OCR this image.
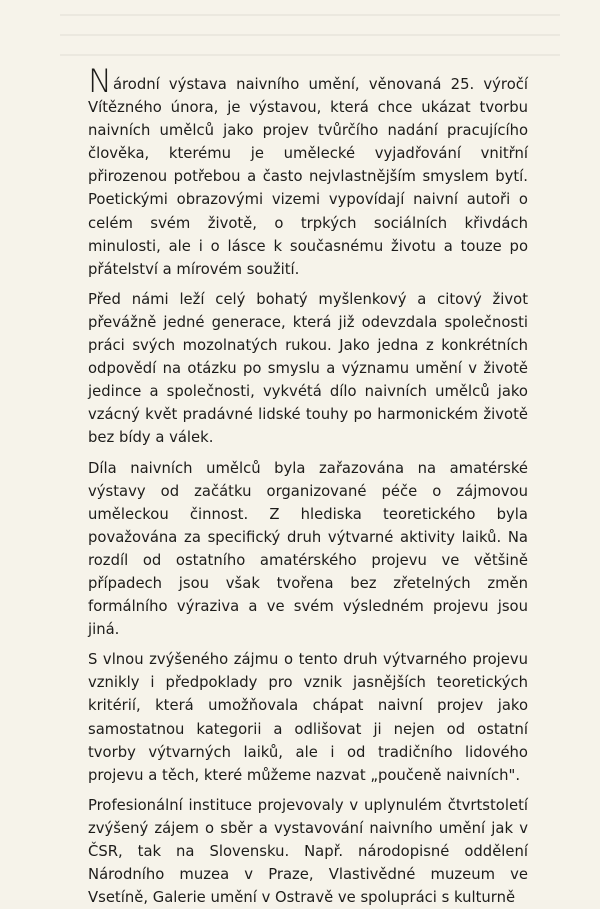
Národní výstava naivního umění, věnovaná 25. výročí Vítězného února, je výstavou, která chce ukázat tvorbu naivních umělců jako projev tvůrčího nadání pracujícího člověka, kterému je umělecké vyjadřování vnitřní přirozenou potřebou a často nejvlastnějším smyslem bytí. Poetickými obrazovými vizemi vypovídají naivní autoři o celém svém životě, o trpkých sociálních křivdách minulosti, ale i o lásce k současnému životu a touze po přátelství a mírovém soužití.

Před námi leží celý bohatý myšlenkový a citový život převážně jedné generace, která již odevzdala společnosti práci svých mozolnatých rukou. Jako jedna z konkrétních odpovědí na otázku po smyslu a významu umění v životě jedince a společnosti, vykvétá dílo naivních umělců jako vzácný květ pradávné lidské touhy po harmonickém životě bez bídy a válek.

Díla naivních umělců byla zařazována na amatérské výstavy od začátku organizované péče o zájmovou uměleckou činnost. Z hlediska teoretického byla považována za specifický druh výtvarné aktivity laiků. Na rozdíl od ostatního amatérského projevu ve většině případech jsou však tvořena bez zřetelných změn formálního výraziva a ve svém výsledném projevu jsou jiná.

S vlnou zvýšeného zájmu o tento druh výtvarného projevu vznikly i předpoklady pro vznik jasnějších teoretických kritérií, která umožňovala chápat naivní projev jako samostatnou kategorii a odlišovat ji nejen od ostatní tvorby výtvarných laiků, ale i od tradičního lidového projevu a těch, které můžeme nazvat „poučeně naivních".

Profesionální instituce projevovaly v uplynulém čtvrtstoletí zvýšený zájem o sběr a vystavování naivního umění jak v ČSR, tak na Slovensku. Např. národopisné oddělení Národního muzea v Praze, Vlastivědné muzeum ve Vsetíně, Galerie umění v Ostravě ve spolupráci s kulturně
